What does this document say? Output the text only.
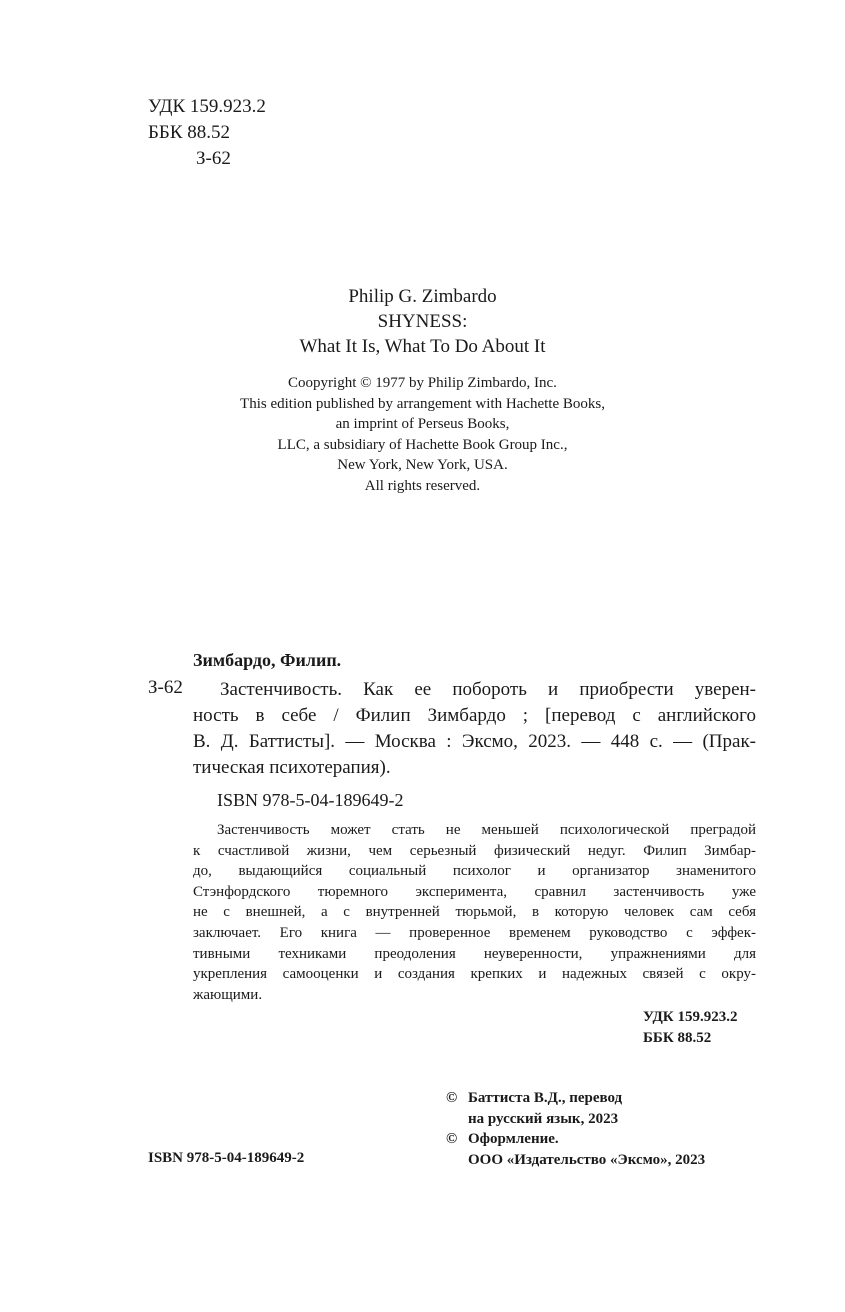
УДК 159.923.2
ББК 88.52
З-62
Philip G. Zimbardo
SHYNESS:
What It Is, What To Do About It
Coopyright © 1977 by Philip Zimbardo, Inc.
This edition published by arrangement with Hachette Books,
an imprint of Perseus Books,
LLC, a subsidiary of Hachette Book Group Inc.,
New York, New York, USA.
All rights reserved.
Зимбардо, Филип.
З-62	Застенчивость. Как ее побороть и приобрести уверен-
ность в себе / Филип Зимбардо ; [перевод с английского
В. Д. Баттисты]. — Москва : Эксмо, 2023. — 448 с. — (Прак-
тическая психотерапия).
ISBN 978-5-04-189649-2
Застенчивость может стать не меньшей психологической преградой
к счастливой жизни, чем серьезный физический недуг. Филип Зимбар-
до, выдающийся социальный психолог и организатор знаменитого
Стэнфордского тюремного эксперимента, сравнил застенчивость уже
не с внешней, а с внутренней тюрьмой, в которую человек сам себя
заключает. Его книга — проверенное временем руководство с эффек-
тивными техниками преодоления неуверенности, упражнениями для
укрепления самооценки и создания крепких и надежных связей с окру-
жающими.
УДК 159.923.2
ББК 88.52
© Баттиста В.Д., перевод
на русский язык, 2023
© Оформление.
ООО «Издательство «Эксмо», 2023
ISBN 978-5-04-189649-2
